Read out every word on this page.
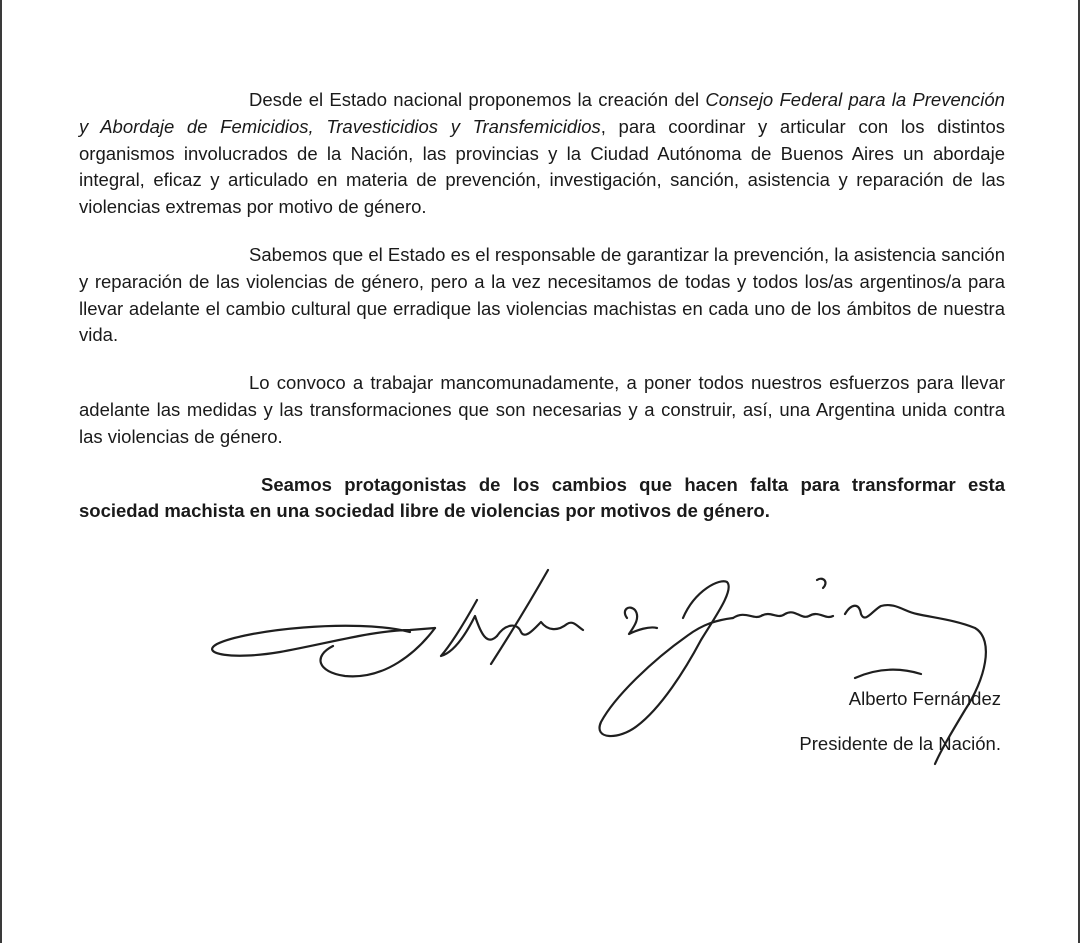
Desde el Estado nacional proponemos la creación del Consejo Federal para la Prevención y Abordaje de Femicidios, Travesticidios y Transfemicidios, para coordinar y articular con los distintos organismos involucrados de la Nación, las provincias y la Ciudad Autónoma de Buenos Aires un abordaje integral, eficaz y articulado en materia de prevención, investigación, sanción, asistencia y reparación de las violencias extremas por motivo de género.

Sabemos que el Estado es el responsable de garantizar la prevención, la asistencia sanción y reparación de las violencias de género, pero a la vez necesitamos de todas y todos los/as argentinos/a para llevar adelante el cambio cultural que erradique las violencias machistas en cada uno de los ámbitos de nuestra vida.

Lo convoco a trabajar mancomunadamente, a poner todos nuestros esfuerzos para llevar adelante las medidas y las transformaciones que son necesarias y a construir, así, una Argentina unida contra las violencias de género.

Seamos protagonistas de los cambios que hacen falta para transformar esta sociedad machista en una sociedad libre de violencias por motivos de género.

Alberto Fernández
Presidente de la Nación.
